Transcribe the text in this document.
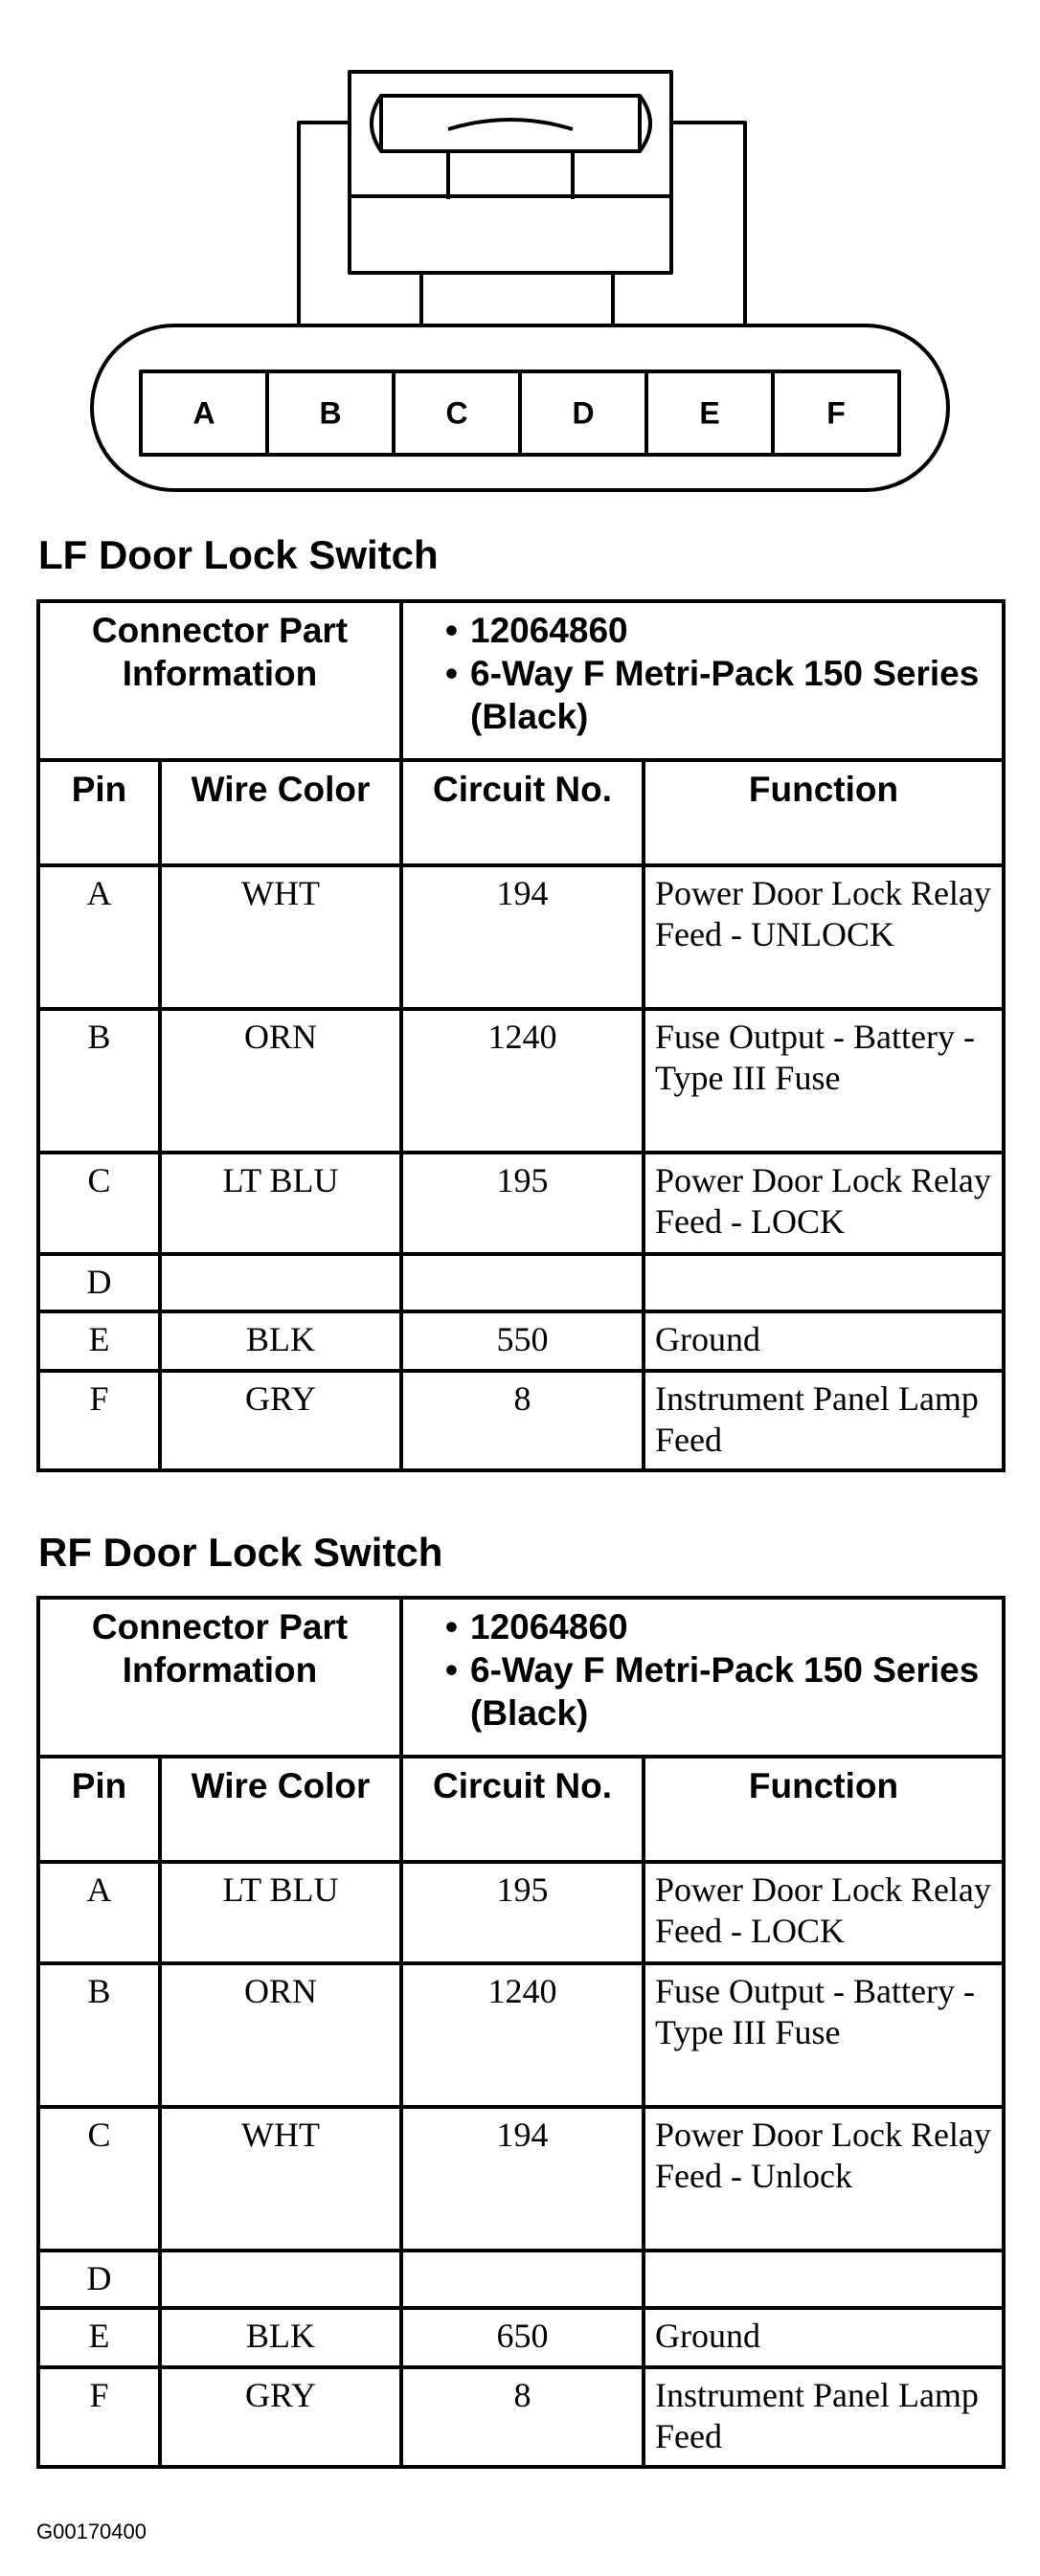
A	B	C	D	E	F
LF Door Lock Switch
Connector Part Information		• 12064860
• 6-Way F Metri-Pack 150 Series (Black)	

Pin	Wire Color	Circuit No.	Function
A	WHT	194	Power Door Lock Relay Feed - UNLOCK
B	ORN	1240	Fuse Output - Battery - Type III Fuse
C	LT BLU	195	Power Door Lock Relay Feed - LOCK
D			
E	BLK	550	Ground
F	GRY	8	Instrument Panel Lamp Feed
RF Door Lock Switch
Connector Part Information		• 12064860
• 6-Way F Metri-Pack 150 Series (Black)	

Pin	Wire Color	Circuit No.	Function
A	LT BLU	195	Power Door Lock Relay Feed - LOCK
B	ORN	1240	Fuse Output - Battery - Type III Fuse
C	WHT	194	Power Door Lock Relay Feed - Unlock
D			
E	BLK	650	Ground
F	GRY	8	Instrument Panel Lamp Feed
G00170400
